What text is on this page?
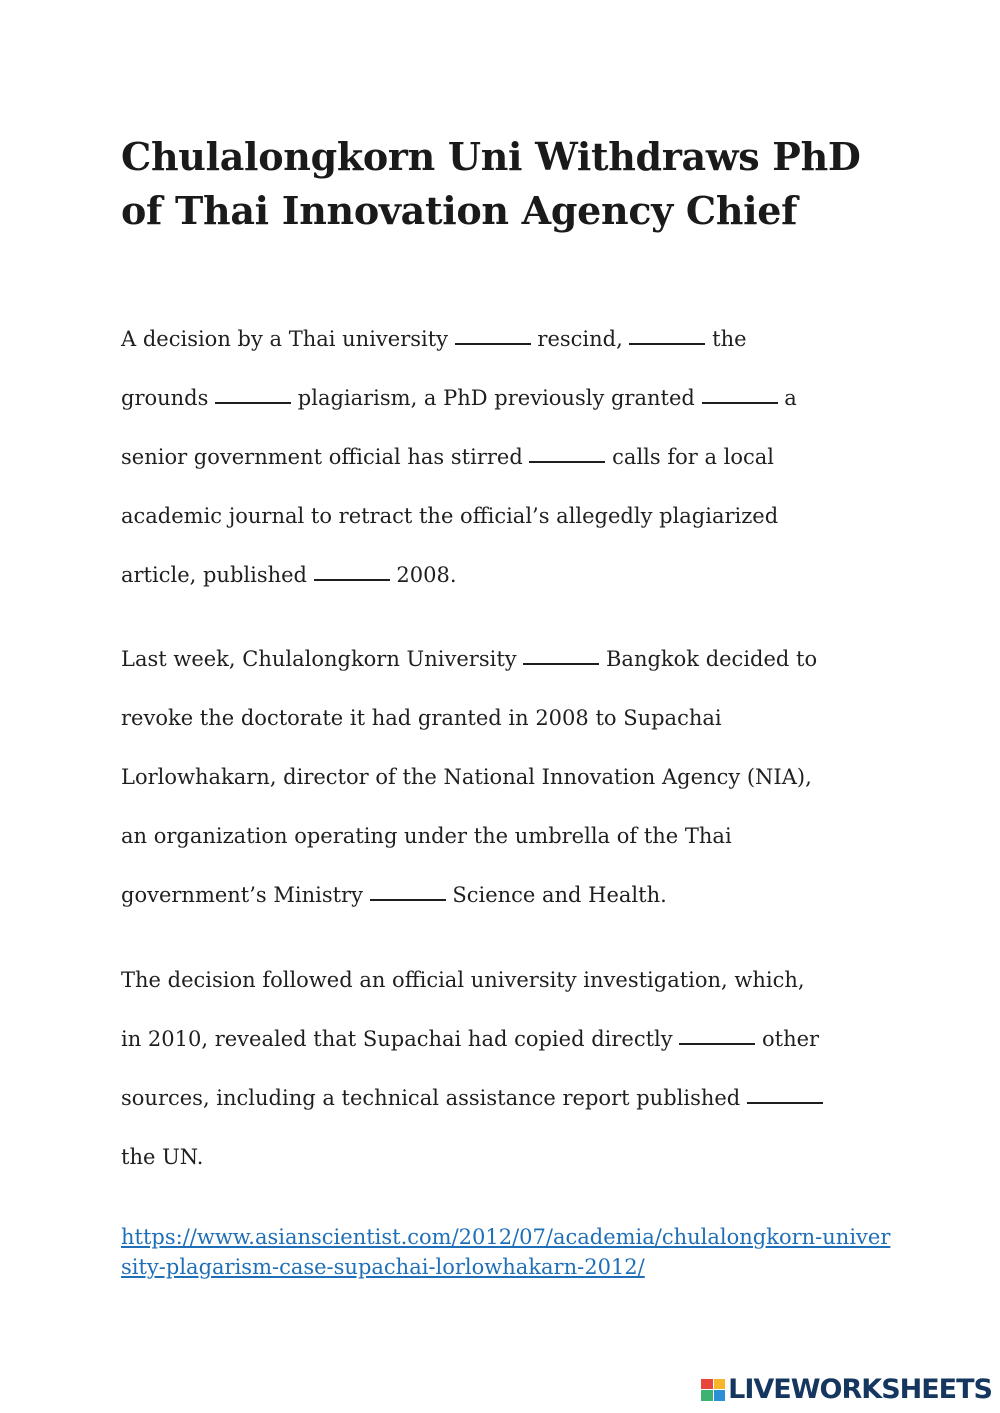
Chulalongkorn Uni Withdraws PhD
of Thai Innovation Agency Chief

A decision by a Thai university	rescind,	the
grounds	plagiarism, a PhD previously granted	a
senior government official has stirred	calls for a local
academic journal to retract the official’s allegedly plagiarized
article, published	2008.

Last week, Chulalongkorn University	Bangkok decided to
revoke the doctorate it had granted in 2008 to Supachai
Lorlowhakarn, director of the National Innovation Agency (NIA),
an organization operating under the umbrella of the Thai
government’s Ministry	Science and Health.

The decision followed an official university investigation, which,
in 2010, revealed that Supachai had copied directly	other
sources, including a technical assistance report published
the UN.

https://www.asianscientist.com/2012/07/academia/chulalongkorn-university-plagarism-case-supachai-lorlowhakarn-2012/

LIVEWORKSHEETS
